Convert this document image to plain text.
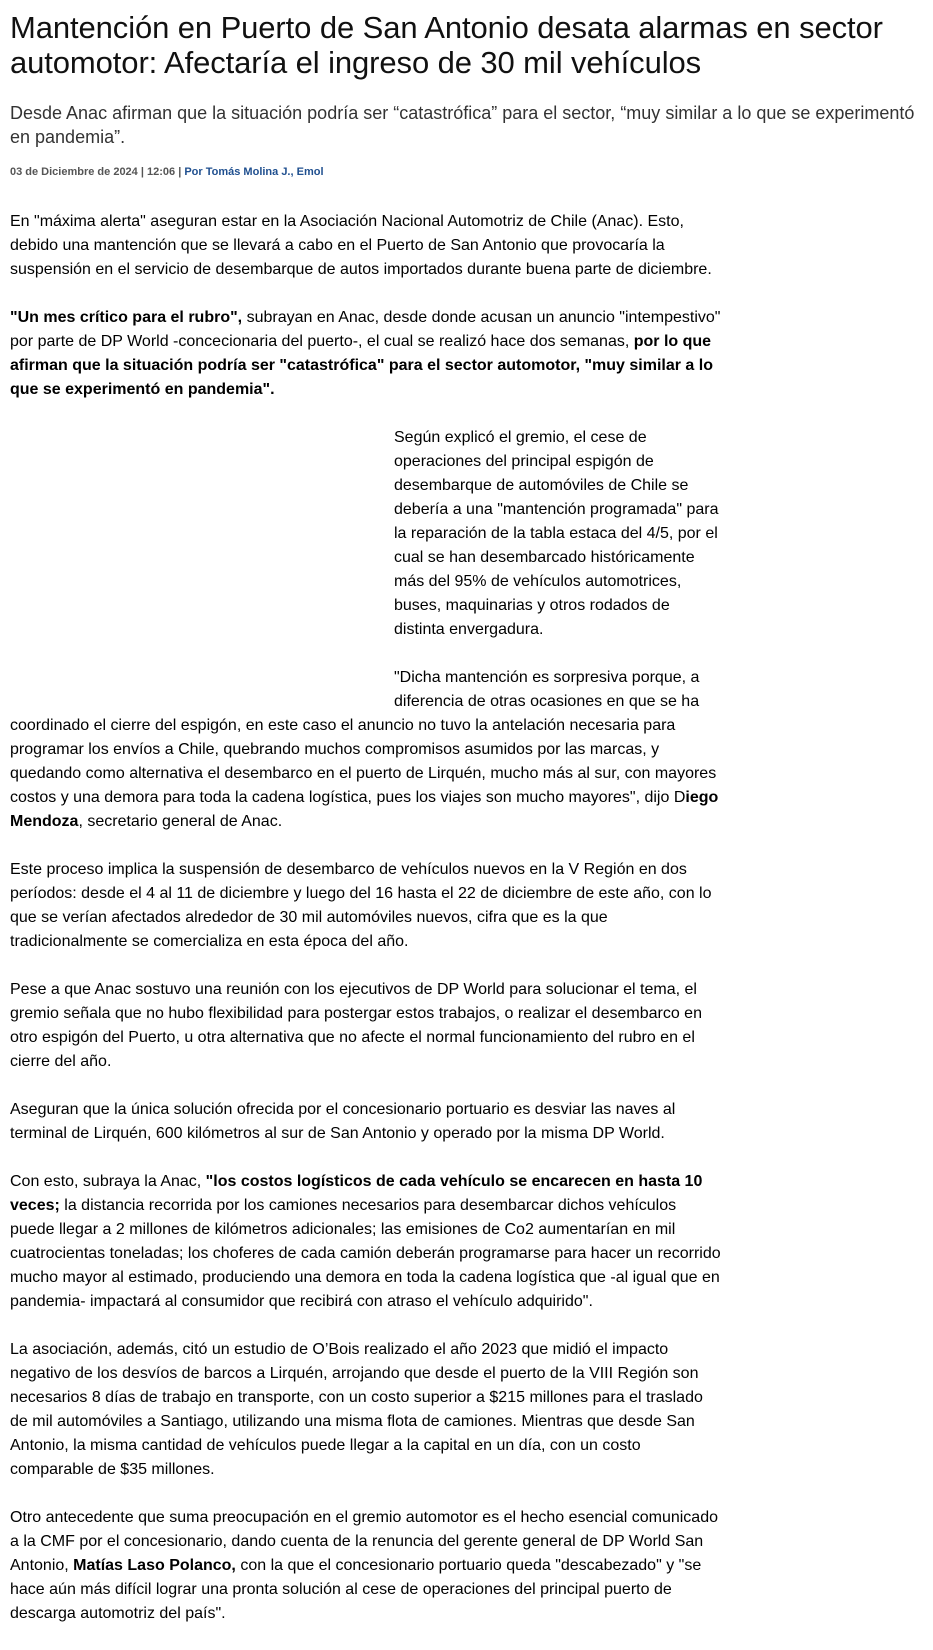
Mantención en Puerto de San Antonio desata alarmas en sector automotor: Afectaría el ingreso de 30 mil vehículos
Desde Anac afirman que la situación podría ser “catastrófica” para el sector, “muy similar a lo que se experimentó en pandemia”.
03 de Diciembre de 2024 | 12:06 | Por Tomás Molina J., Emol

En "máxima alerta" aseguran estar en la Asociación Nacional Automotriz de Chile (Anac). Esto, debido una mantención que se llevará a cabo en el Puerto de San Antonio que provocaría la suspensión en el servicio de desembarque de autos importados durante buena parte de diciembre.

"Un mes crítico para el rubro", subrayan en Anac, desde donde acusan un anuncio "intempestivo" por parte de DP World -concecionaria del puerto-, el cual se realizó hace dos semanas, por lo que afirman que la situación podría ser "catastrófica" para el sector automotor, "muy similar a lo que se experimentó en pandemia".

Según explicó el gremio, el cese de operaciones del principal espigón de desembarque de automóviles de Chile se debería a una "mantención programada" para la reparación de la tabla estaca del 4/5, por el cual se han desembarcado históricamente más del 95% de vehículos automotrices, buses, maquinarias y otros rodados de distinta envergadura.

"Dicha mantención es sorpresiva porque, a diferencia de otras ocasiones en que se ha coordinado el cierre del espigón, en este caso el anuncio no tuvo la antelación necesaria para programar los envíos a Chile, quebrando muchos compromisos asumidos por las marcas, y quedando como alternativa el desembarco en el puerto de Lirquén, mucho más al sur, con mayores costos y una demora para toda la cadena logística, pues los viajes son mucho mayores", dijo Diego Mendoza, secretario general de Anac.

Este proceso implica la suspensión de desembarco de vehículos nuevos en la V Región en dos períodos: desde el 4 al 11 de diciembre y luego del 16 hasta el 22 de diciembre de este año, con lo que se verían afectados alrededor de 30 mil automóviles nuevos, cifra que es la que tradicionalmente se comercializa en esta época del año.

Pese a que Anac sostuvo una reunión con los ejecutivos de DP World para solucionar el tema, el gremio señala que no hubo flexibilidad para postergar estos trabajos, o realizar el desembarco en otro espigón del Puerto, u otra alternativa que no afecte el normal funcionamiento del rubro en el cierre del año.

Aseguran que la única solución ofrecida por el concesionario portuario es desviar las naves al terminal de Lirquén, 600 kilómetros al sur de San Antonio y operado por la misma DP World.

Con esto, subraya la Anac, "los costos logísticos de cada vehículo se encarecen en hasta 10 veces; la distancia recorrida por los camiones necesarios para desembarcar dichos vehículos puede llegar a 2 millones de kilómetros adicionales; las emisiones de Co2 aumentarían en mil cuatrocientas toneladas; los choferes de cada camión deberán programarse para hacer un recorrido mucho mayor al estimado, produciendo una demora en toda la cadena logística que -al igual que en pandemia- impactará al consumidor que recibirá con atraso el vehículo adquirido".

La asociación, además, citó un estudio de O’Bois realizado el año 2023 que midió el impacto negativo de los desvíos de barcos a Lirquén, arrojando que desde el puerto de la VIII Región son necesarios 8 días de trabajo en transporte, con un costo superior a $215 millones para el traslado de mil automóviles a Santiago, utilizando una misma flota de camiones. Mientras que desde San Antonio, la misma cantidad de vehículos puede llegar a la capital en un día, con un costo comparable de $35 millones.

Otro antecedente que suma preocupación en el gremio automotor es el hecho esencial comunicado a la CMF por el concesionario, dando cuenta de la renuncia del gerente general de DP World San Antonio, Matías Laso Polanco, con la que el concesionario portuario queda "descabezado" y "se hace aún más difícil lograr una pronta solución al cese de operaciones del principal puerto de descarga automotriz del país".
